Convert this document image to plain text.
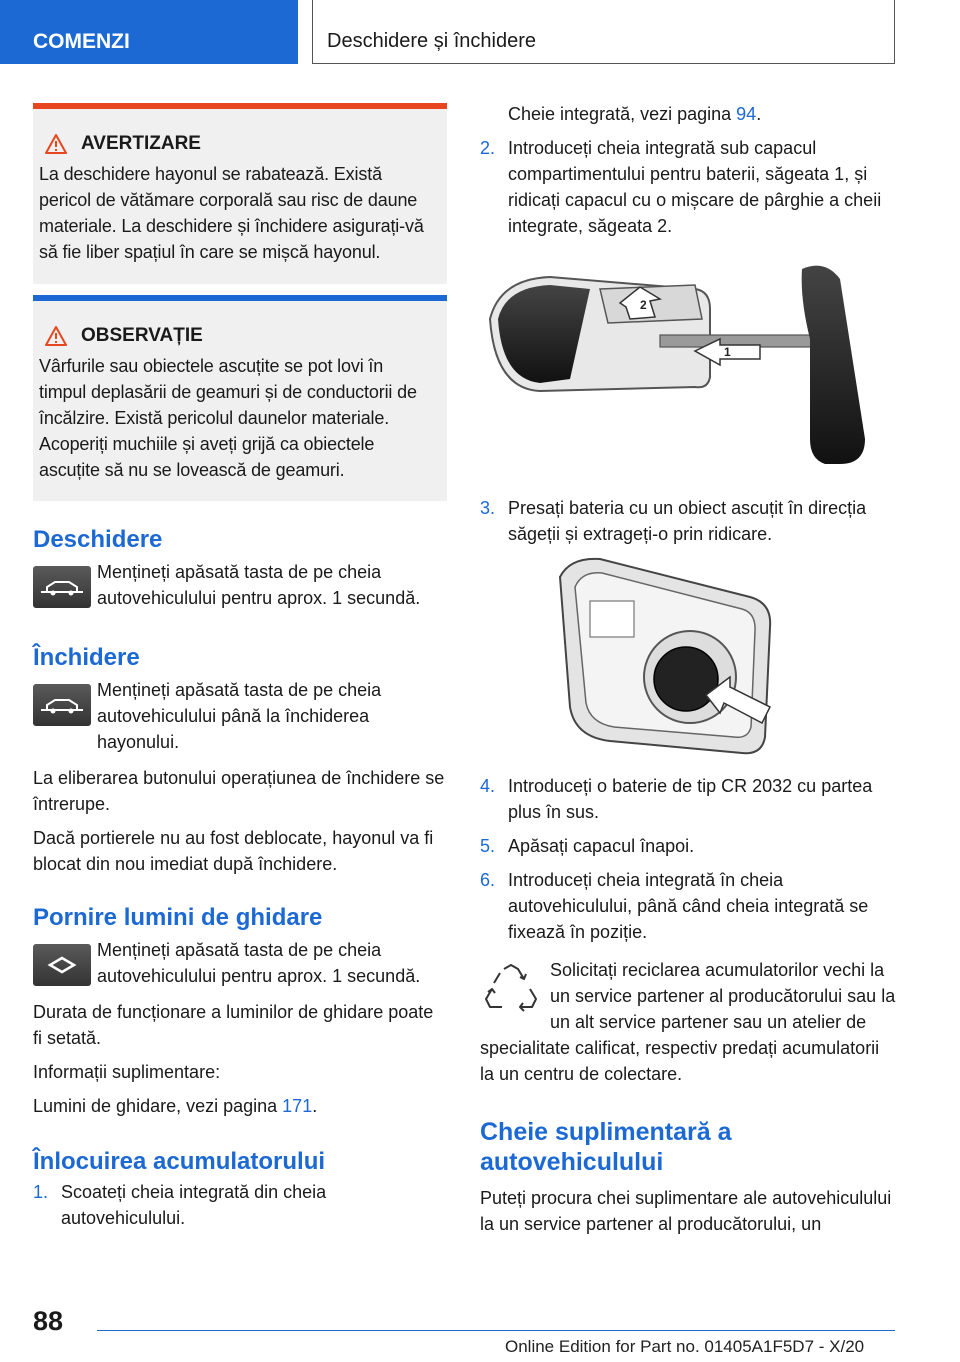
COMENZI	Deschidere și închidere
AVERTIZARE

La deschidere hayonul se rabatează. Există pericol de vătămare corporală sau risc de daune materiale. La deschidere și închidere asigurați-vă să fie liber spațiul în care se mișcă hayonul.

OBSERVAȚIE

Vârfurile sau obiectele ascuțite se pot lovi în timpul deplasării de geamuri și de conductorii de încălzire. Există pericolul daunelor materiale. Acoperiți muchiile și aveți grijă ca obiectele ascuțite să nu se lovească de geamuri.

Deschidere
Mențineți apăsată tasta de pe cheia autovehiculului pentru aprox. 1 secundă.
Închidere
Mențineți apăsată tasta de pe cheia autovehiculului până la închiderea hayonului.

La eliberarea butonului operațiunea de închidere se întrerupe.

Dacă portierele nu au fost deblocate, hayonul va fi blocat din nou imediat după închidere.

Pornire lumini de ghidare
Mențineți apăsată tasta de pe cheia autovehiculului pentru aprox. 1 secundă.

Durata de funcționare a luminilor de ghidare poate fi setată.

Informații suplimentare:

Lumini de ghidare, vezi pagina 171.

Înlocuirea acumulatorului
1. Scoateți cheia integrată din cheia autovehiculului.

Cheie integrată, vezi pagina 94.

2. Introduceți cheia integrată sub capacul compartimentului pentru baterii, săgeata 1, și ridicați capacul cu o mișcare de pârghie a cheii integrate, săgeata 2.
2
1
3. Presați bateria cu un obiect ascuțit în direcția săgeții și extrageți-o prin ridicare.
4. Introduceți o baterie de tip CR 2032 cu partea plus în sus.
5. Apăsați capacul înapoi.
6. Introduceți cheia integrată în cheia autovehiculului, până când cheia integrată se fixează în poziție.
Solicitați reciclarea acumulatorilor vechi la un service partener al producătorului sau la un alt service partener sau un atelier de specialitate calificat, respectiv predați acumulatorii la un centru de colectare.
Cheie suplimentară a autovehiculului

Puteți procura chei suplimentare ale autovehiculului la un service partener al producătorului, un

88
Online Edition for Part no. 01405A1F5D7 - X/20
